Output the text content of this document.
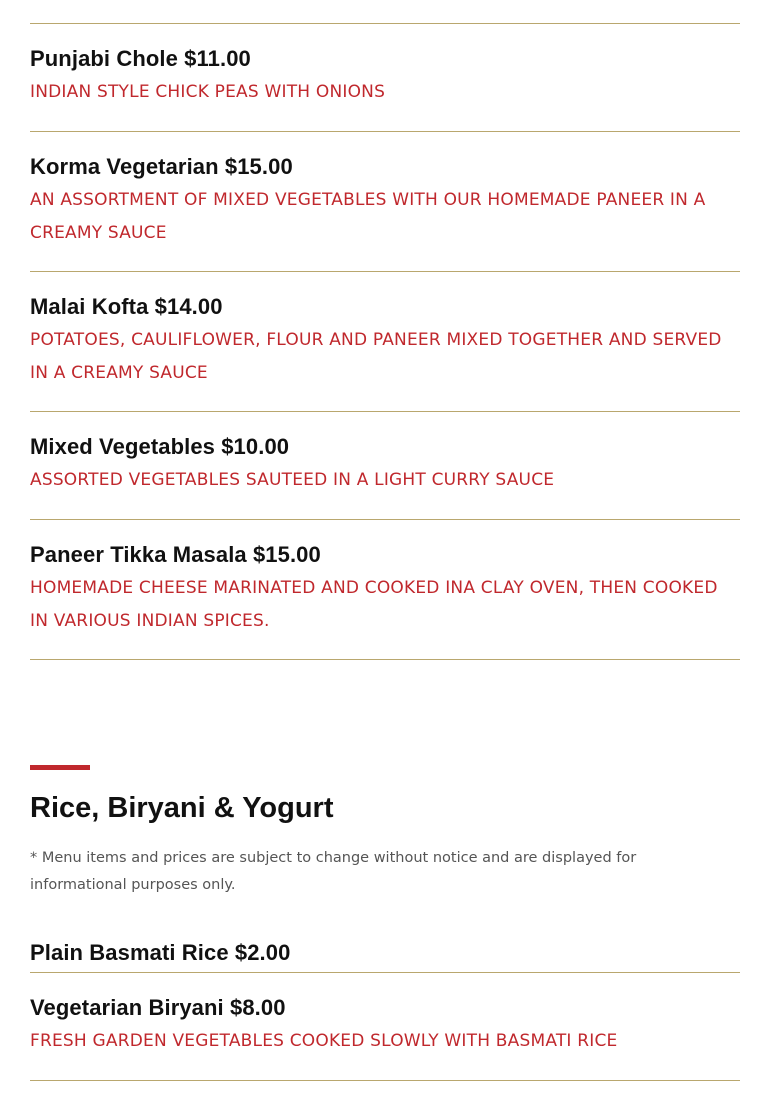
Punjabi Chole $11.00

INDIAN STYLE CHICK PEAS WITH ONIONS

Korma Vegetarian $15.00

AN ASSORTMENT OF MIXED VEGETABLES WITH OUR HOMEMADE PANEER IN A CREAMY SAUCE

Malai Kofta $14.00

POTATOES, CAULIFLOWER, FLOUR AND PANEER MIXED TOGETHER AND SERVED IN A CREAMY SAUCE

Mixed Vegetables $10.00

ASSORTED VEGETABLES SAUTEED IN A LIGHT CURRY SAUCE

Paneer Tikka Masala $15.00

HOMEMADE CHEESE MARINATED AND COOKED INA CLAY OVEN, THEN COOKED IN VARIOUS INDIAN SPICES.

Rice, Biryani & Yogurt

* Menu items and prices are subject to change without notice and are displayed for informational purposes only.

Plain Basmati Rice $2.00
Vegetarian Biryani $8.00

FRESH GARDEN VEGETABLES COOKED SLOWLY WITH BASMATI RICE
